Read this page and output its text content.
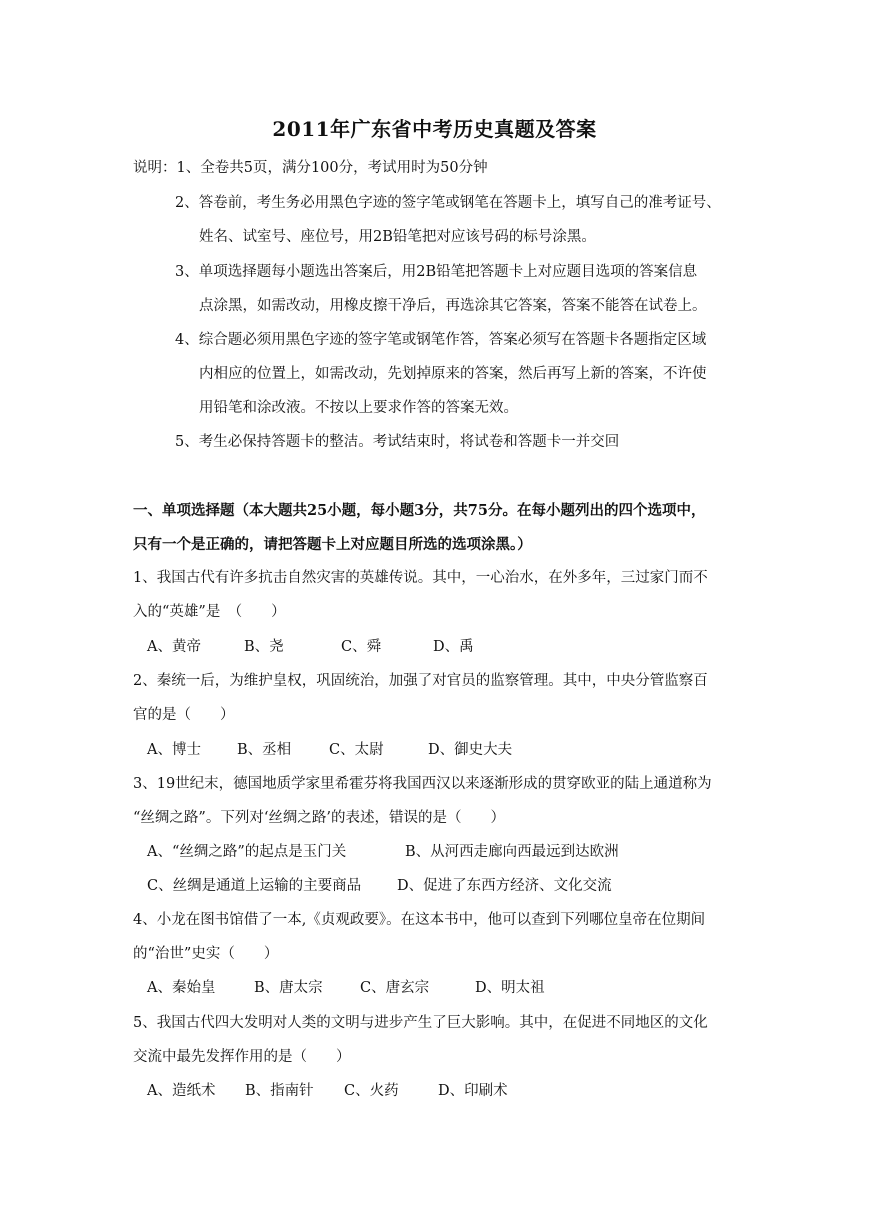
2011年广东省中考历史真题及答案
说明：1、全卷共5页，满分100分，考试用时为50分钟
2、答卷前，考生务必用黑色字迹的签字笔或钢笔在答题卡上，填写自己的准考证号、
姓名、试室号、座位号，用2B铅笔把对应该号码的标号涂黑。
3、单项选择题每小题选出答案后，用2B铅笔把答题卡上对应题目选项的答案信息
点涂黑，如需改动，用橡皮擦干净后，再选涂其它答案，答案不能答在试卷上。
4、综合题必须用黑色字迹的签字笔或钢笔作答，答案必须写在答题卡各题指定区域
内相应的位置上，如需改动，先划掉原来的答案，然后再写上新的答案，不许使
用铅笔和涂改液。不按以上要求作答的答案无效。
5、考生必保持答题卡的整洁。考试结束时，将试卷和答题卡一并交回
一、单项选择题（本大题共25小题，每小题3分，共75分。在每小题列出的四个选项中，
只有一个是正确的，请把答题卡上对应题目所选的选项涂黑。）
1、我国古代有许多抗击自然灾害的英雄传说。其中，一心治水，在外多年，三过家门而不
入的“英雄”是　（　　）
A、黄帝	B、尧	C、舜	D、禹
2、秦统一后，为维护皇权，巩固统治，加强了对官员的监察管理。其中，中央分管监察百
官的是（　　）
A、博士 B、丞相	C、太尉	D、御史大夫
3、19世纪末，德国地质学家里希霍芬将我国西汉以来逐渐形成的贯穿欧亚的陆上通道称为
“丝绸之路”。下列对‘丝绸之路’的表述，错误的是（　　）
A、“丝绸之路”的起点是玉门关	B、从河西走廊向西最远到达欧洲
C、丝绸是通道上运输的主要商品 D、促进了东西方经济、文化交流
4、小龙在图书馆借了一本,《贞观政要》。在这本书中，他可以查到下列哪位皇帝在位期间
的“治世”史实（　　）
A、秦始皇	B、唐太宗	C、唐玄宗	D、明太祖
5、我国古代四大发明对人类的文明与进步产生了巨大影响。其中，在促进不同地区的文化
交流中最先发挥作用的是（　　）
A、造纸术 B、指南针 C、火药	D、印刷术
